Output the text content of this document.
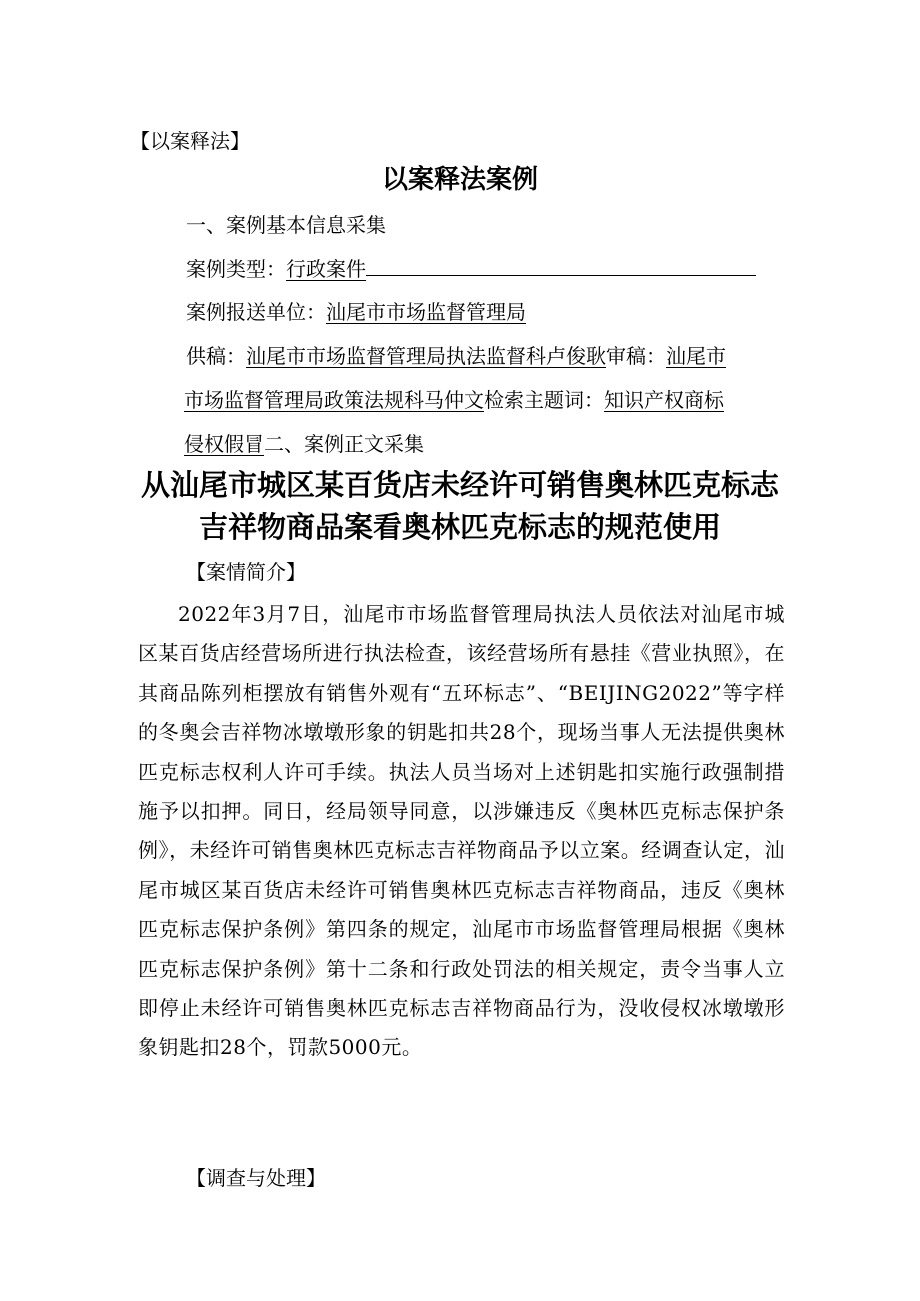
【以案释法】
以案释法案例
一、案例基本信息采集
案例类型：行政案件
案例报送单位：汕尾市市场监督管理局
供稿：汕尾市市场监督管理局执法监督科卢俊耿审稿：汕尾市
市场监督管理局政策法规科马仲文检索主题词：知识产权商标
侵权假冒二、案例正文采集
从汕尾市城区某百货店未经许可销售奥林匹克标志
吉祥物商品案看奥林匹克标志的规范使用
【案情简介】
2022年3月7日，汕尾市市场监督管理局执法人员依法对汕尾市城区某百货店经营场所进行执法检查，该经营场所有悬挂《营业执照》，在其商品陈列柜摆放有销售外观有“五环标志”、“BEIJING2022”等字样的冬奥会吉祥物冰墩墩形象的钥匙扣共28个，现场当事人无法提供奥林匹克标志权利人许可手续。执法人员当场对上述钥匙扣实施行政强制措施予以扣押。同日，经局领导同意，以涉嫌违反《奥林匹克标志保护条例》，未经许可销售奥林匹克标志吉祥物商品予以立案。经调查认定，汕尾市城区某百货店未经许可销售奥林匹克标志吉祥物商品，违反《奥林匹克标志保护条例》第四条的规定，汕尾市市场监督管理局根据《奥林匹克标志保护条例》第十二条和行政处罚法的相关规定，责令当事人立即停止未经许可销售奥林匹克标志吉祥物商品行为，没收侵权冰墩墩形象钥匙扣28个，罚款5000元。
【调查与处理】
